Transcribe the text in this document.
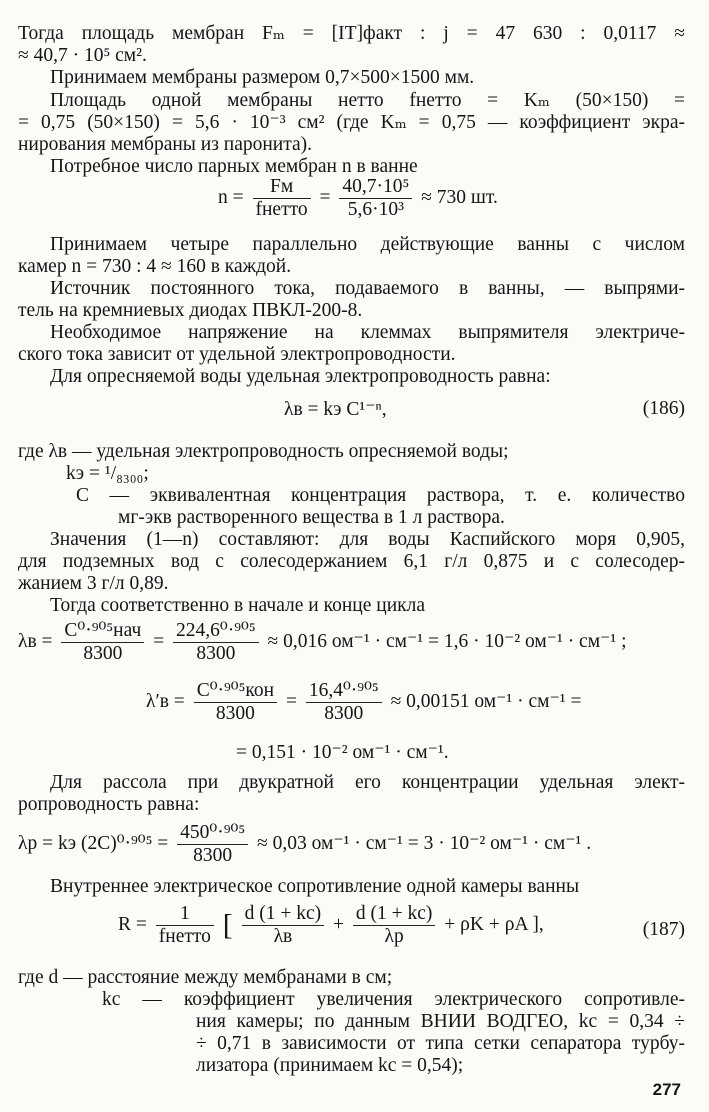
Тогда площадь мембран Fₘ = [IT]факт : j = 47 630 : 0,0117 ≈
≈ 40,7 · 10⁵ см².
Принимаем мембраны размером 0,7×500×1500 мм.
Площадь одной мембраны нетто fнетто = Kₘ (50×150) =
= 0,75 (50×150) = 5,6 · 10⁻³ см² (где Kₘ = 0,75 — коэффициент экра-
нирования мембраны из паронита).
Потребное число парных мембран n в ванне
$n = \frac{Fм}{\text{fнетто}} = \frac{\text{40,7·10⁵}}{\text{5,6·10³}} \approx 730$ шт.
Принимаем четыре параллельно действующие ванны с числом
камер n = 730 : 4 ≈ 160 в каждой.
Источник постоянного тока, подаваемого в ванны, — выпрями-
тель на кремниевых диодах ПВКЛ-200-8.
Необходимое напряжение на клеммах выпрямителя электриче-
ского тока зависит от удельной электропроводности.
Для опресняемой воды удельная электропроводность равна:
λв = kэ C¹⁻ⁿ,	(186)
где λв — удельная электропроводность опресняемой воды;
kэ = ¹/₈₃₀₀;
C — эквивалентная концентрация раствора, т. е. количество
мг-экв растворенного вещества в 1 л раствора.
Значения (1—n) составляют: для воды Каспийского моря 0,905,
для подземных вод с солесодержанием 6,1 г/л 0,875 и с солесодер-
жанием 3 г/л 0,89.
Тогда соответственно в начале и конце цикла
$\lambda в = \frac{\text{C⁰·⁹⁰⁵нач}}{8300} = \frac{\text{224,6⁰·⁹⁰⁵}}{8300} \approx 0,016$ ом⁻¹ · см⁻¹ = 1,6 · 10⁻² ом⁻¹ · см⁻¹ ;
$\lambda'в = \frac{\text{C⁰·⁹⁰⁵кон}}{8300} = \frac{\text{16,4⁰·⁹⁰⁵}}{8300} \approx 0,00151$ ом⁻¹ · см⁻¹ =
= 0,151 · 10⁻² ом⁻¹ · см⁻¹.
Для рассола при двукратной его концентрации удельная элект-
ропроводность равна:
λр = kэ $(2C)^0\cdot^{905} = \frac{\text{450⁰·⁹⁰⁵}}{8300} \approx 0,03$ ом⁻¹ · см⁻¹ = 3 · 10⁻² ом⁻¹ · см⁻¹ .
Внутреннее электрическое сопротивление одной камеры ванны
$R = \frac{1}{\text{fнетто}}$ [ $\frac{d (1 + kс)}{\lambda в} + \frac{d (1 + kс)}{\lambda р} + \rho K + \rho A$ ],	(187)
где d — расстояние между мембранами в см;
kс — коэффициент увеличения электрического сопротивле-
ния камеры; по данным ВНИИ ВОДГЕО, kс = 0,34 ÷
÷ 0,71 в зависимости от типа сетки сепаратора турбу-
лизатора (принимаем kс = 0,54);
277
